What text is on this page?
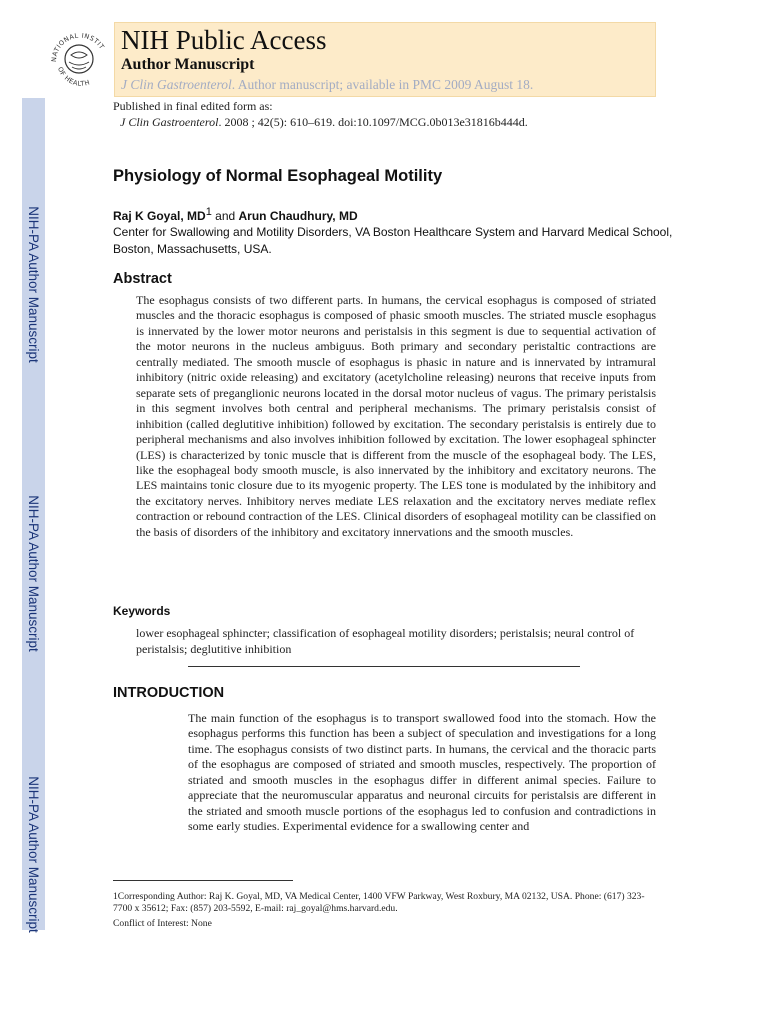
NIH-PA Author Manuscript
NIH-PA Author Manuscript
NIH-PA Author Manuscript
NATIONAL INSTIT
OF HEALTH
NIH Public Access
Author Manuscript
J Clin Gastroenterol. Author manuscript; available in PMC 2009 August 18.
Published in final edited form as:
J Clin Gastroenterol. 2008 ; 42(5): 610–619. doi:10.1097/MCG.0b013e31816b444d.
Physiology of Normal Esophageal Motility
Raj K Goyal, $MD^1$ and Arun Chaudhury, MD
Center for Swallowing and Motility Disorders, VA Boston Healthcare System and Harvard Medical School, Boston, Massachusetts, USA.
Abstract
The esophagus consists of two different parts. In humans, the cervical esophagus is composed of striated muscles and the thoracic esophagus is composed of phasic smooth muscles. The striated muscle esophagus is innervated by the lower motor neurons and peristalsis in this segment is due to sequential activation of the motor neurons in the nucleus ambiguus. Both primary and secondary peristaltic contractions are centrally mediated. The smooth muscle of esophagus is phasic in nature and is innervated by intramural inhibitory (nitric oxide releasing) and excitatory (acetylcholine releasing) neurons that receive inputs from separate sets of preganglionic neurons located in the dorsal motor nucleus of vagus. The primary peristalsis in this segment involves both central and peripheral mechanisms. The primary peristalsis consist of inhibition (called deglutitive inhibition) followed by excitation. The secondary peristalsis is entirely due to peripheral mechanisms and also involves inhibition followed by excitation. The lower esophageal sphincter (LES) is characterized by tonic muscle that is different from the muscle of the esophageal body. The LES, like the esophageal body smooth muscle, is also innervated by the inhibitory and excitatory neurons. The LES maintains tonic closure due to its myogenic property. The LES tone is modulated by the inhibitory and the excitatory nerves. Inhibitory nerves mediate LES relaxation and the excitatory nerves mediate reflex contraction or rebound contraction of the LES. Clinical disorders of esophageal motility can be classified on the basis of disorders of the inhibitory and excitatory innervations and the smooth muscles.
Keywords
lower esophageal sphincter; classification of esophageal motility disorders; peristalsis; neural control of peristalsis; deglutitive inhibition
INTRODUCTION
The main function of the esophagus is to transport swallowed food into the stomach. How the esophagus performs this function has been a subject of speculation and investigations for a long time. The esophagus consists of two distinct parts. In humans, the cervical and the thoracic parts of the esophagus are composed of striated and smooth muscles, respectively. The proportion of striated and smooth muscles in the esophagus differ in different animal species. Failure to appreciate that the neuromuscular apparatus and neuronal circuits for peristalsis are different in the striated and smooth muscle portions of the esophagus led to confusion and contradictions in some early studies. Experimental evidence for a swallowing center and
1Corresponding Author: Raj K. Goyal, MD, VA Medical Center, 1400 VFW Parkway, West Roxbury, MA 02132, USA. Phone: (617) 323-7700 x 35612; Fax: (857) 203-5592, E-mail: raj_goyal@hms.harvard.edu.
Conflict of Interest: None
